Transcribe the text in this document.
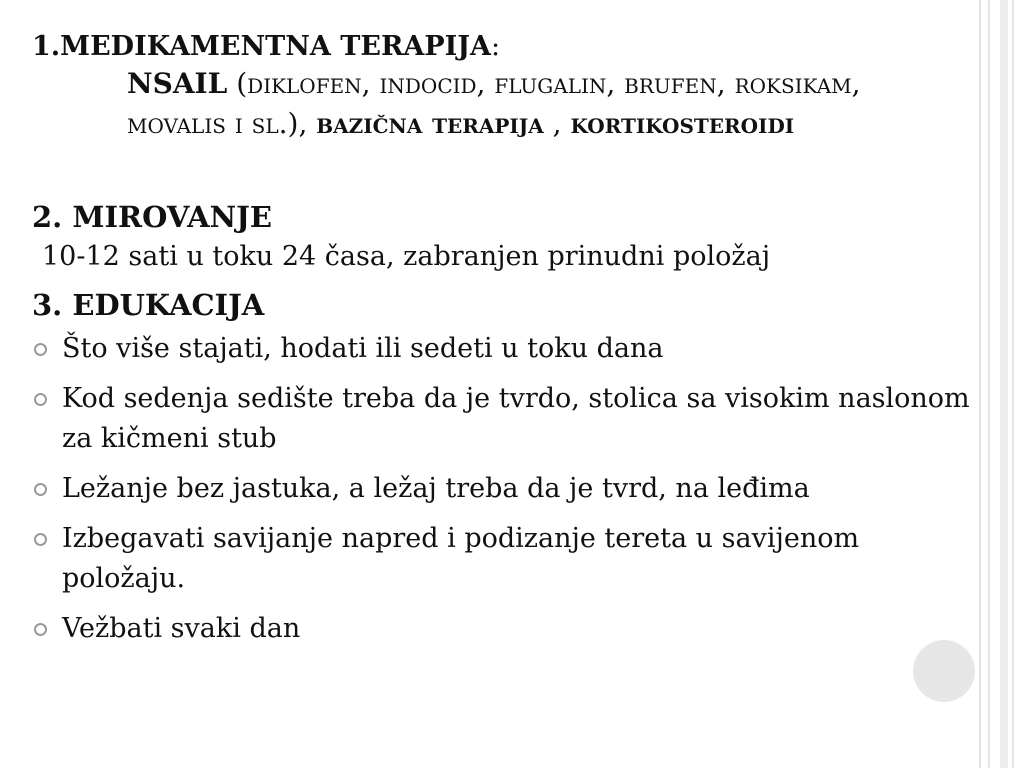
1.MEDIKAMENTNA TERAPIJA:
NSAIL (diklofen, indocid, flugalin, brufen, roksikam, movalis i sl.), bazična terapija , kortikosteroidi
2. MIROVANJE
10-12 sati u toku 24 časa, zabranjen prinudni položaj
3. EDUKACIJA
Što više stajati, hodati ili sedeti u toku dana
Kod sedenja sedište treba da je tvrdo, stolica sa visokim naslonom za kičmeni stub
Ležanje bez jastuka, a ležaj treba da je tvrd, na leđima
Izbegavati savijanje napred i podizanje tereta u savijenom položaju.
Vežbati svaki dan
